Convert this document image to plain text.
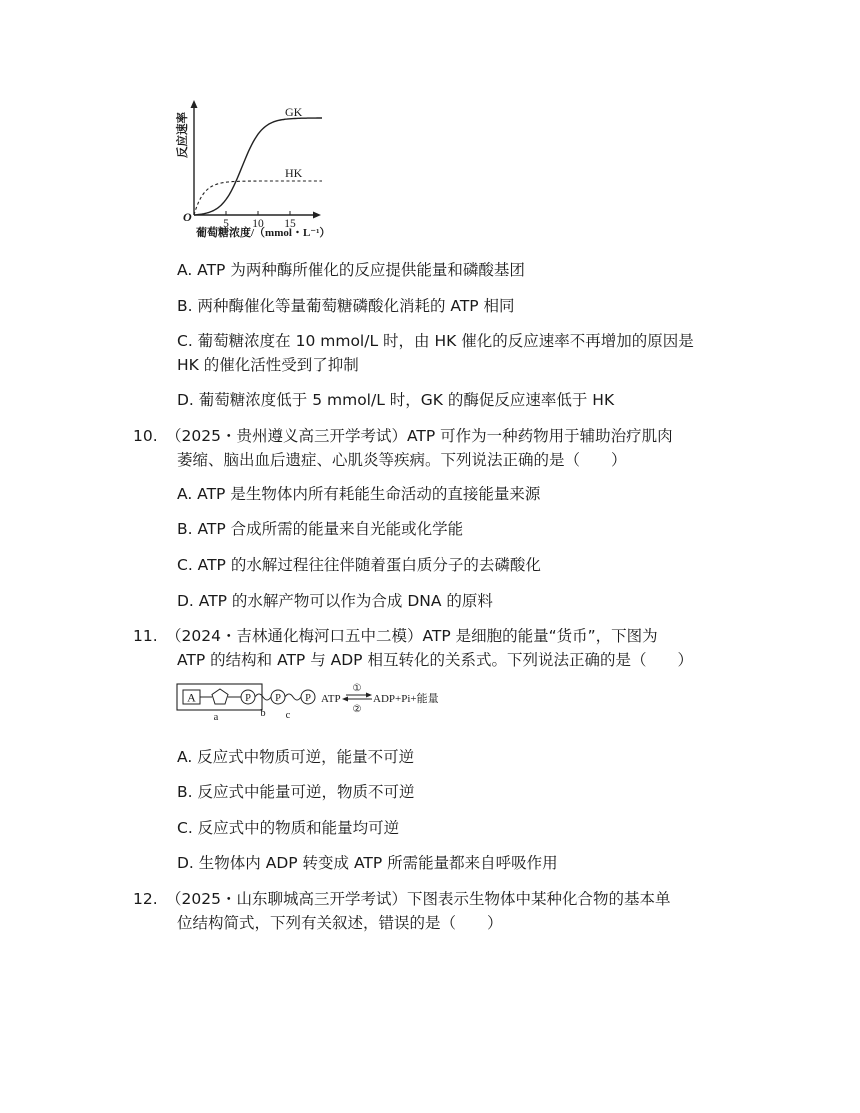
5 10 15
GK
HK
O
反应速率
葡萄糖浓度/（mmol・L⁻¹）
A. ATP 为两种酶所催化的反应提供能量和磷酸基团
B. 两种酶催化等量葡萄糖磷酸化消耗的 ATP 相同
C. 葡萄糖浓度在 10 mmol/L 时，由 HK 催化的反应速率不再增加的原因是
HK 的催化活性受到了抑制
D. 葡萄糖浓度低于 5 mmol/L 时，GK 的酶促反应速率低于 HK
10. （2025・贵州遵义高三开学考试）ATP 可作为一种药物用于辅助治疗肌肉
萎缩、脑出血后遗症、心肌炎等疾病。下列说法正确的是（　　）
A. ATP 是生物体内所有耗能生命活动的直接能量来源
B. ATP 合成所需的能量来自光能或化学能
C. ATP 的水解过程往往伴随着蛋白质分子的去磷酸化
D. ATP 的水解产物可以作为合成 DNA 的原料
11. （2024・吉林通化梅河口五中二模）ATP 是细胞的能量“货币”，下图为
ATP 的结构和 ATP 与 ADP 相互转化的关系式。下列说法正确的是（　　）
A	P P P
a	b c
ATP
①
②
ADP+Pi+能量
A. 反应式中物质可逆，能量不可逆
B. 反应式中能量可逆，物质不可逆
C. 反应式中的物质和能量均可逆
D. 生物体内 ADP 转变成 ATP 所需能量都来自呼吸作用
12. （2025・山东聊城高三开学考试）下图表示生物体中某种化合物的基本单
位结构简式，下列有关叙述，错误的是（　　）
